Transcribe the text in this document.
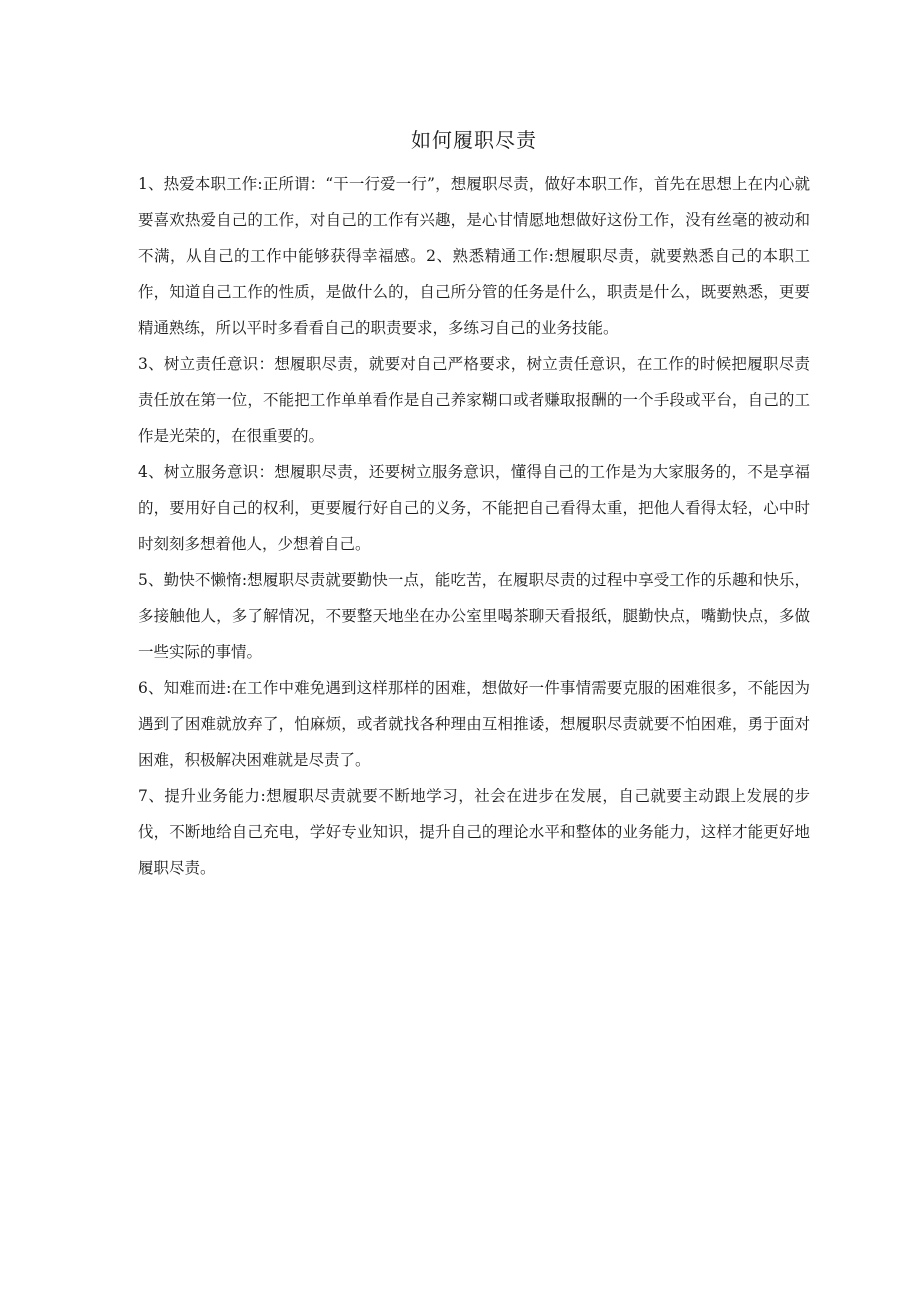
如何履职尽责

1、热爱本职工作:正所谓：“干一行爱一行”，想履职尽责，做好本职工作，首先在思想上在内心就要喜欢热爱自己的工作，对自己的工作有兴趣，是心甘情愿地想做好这份工作，没有丝毫的被动和不满，从自己的工作中能够获得幸福感。2、熟悉精通工作:想履职尽责，就要熟悉自己的本职工作，知道自己工作的性质，是做什么的，自己所分管的任务是什么，职责是什么，既要熟悉，更要精通熟练，所以平时多看看自己的职责要求，多练习自己的业务技能。

3、树立责任意识：想履职尽责，就要对自己严格要求，树立责任意识，在工作的时候把履职尽责责任放在第一位，不能把工作单单看作是自己养家糊口或者赚取报酬的一个手段或平台，自己的工作是光荣的，在很重要的。

4、树立服务意识：想履职尽责，还要树立服务意识，懂得自己的工作是为大家服务的，不是享福的，要用好自己的权利，更要履行好自己的义务，不能把自己看得太重，把他人看得太轻，心中时时刻刻多想着他人，少想着自己。

5、勤快不懒惰:想履职尽责就要勤快一点，能吃苦，在履职尽责的过程中享受工作的乐趣和快乐，多接触他人，多了解情况，不要整天地坐在办公室里喝茶聊天看报纸，腿勤快点，嘴勤快点，多做一些实际的事情。

6、知难而进:在工作中难免遇到这样那样的困难，想做好一件事情需要克服的困难很多，不能因为遇到了困难就放弃了，怕麻烦，或者就找各种理由互相推诿，想履职尽责就要不怕困难，勇于面对困难，积极解决困难就是尽责了。

7、提升业务能力:想履职尽责就要不断地学习，社会在进步在发展，自己就要主动跟上发展的步伐，不断地给自己充电，学好专业知识，提升自己的理论水平和整体的业务能力，这样才能更好地履职尽责。
